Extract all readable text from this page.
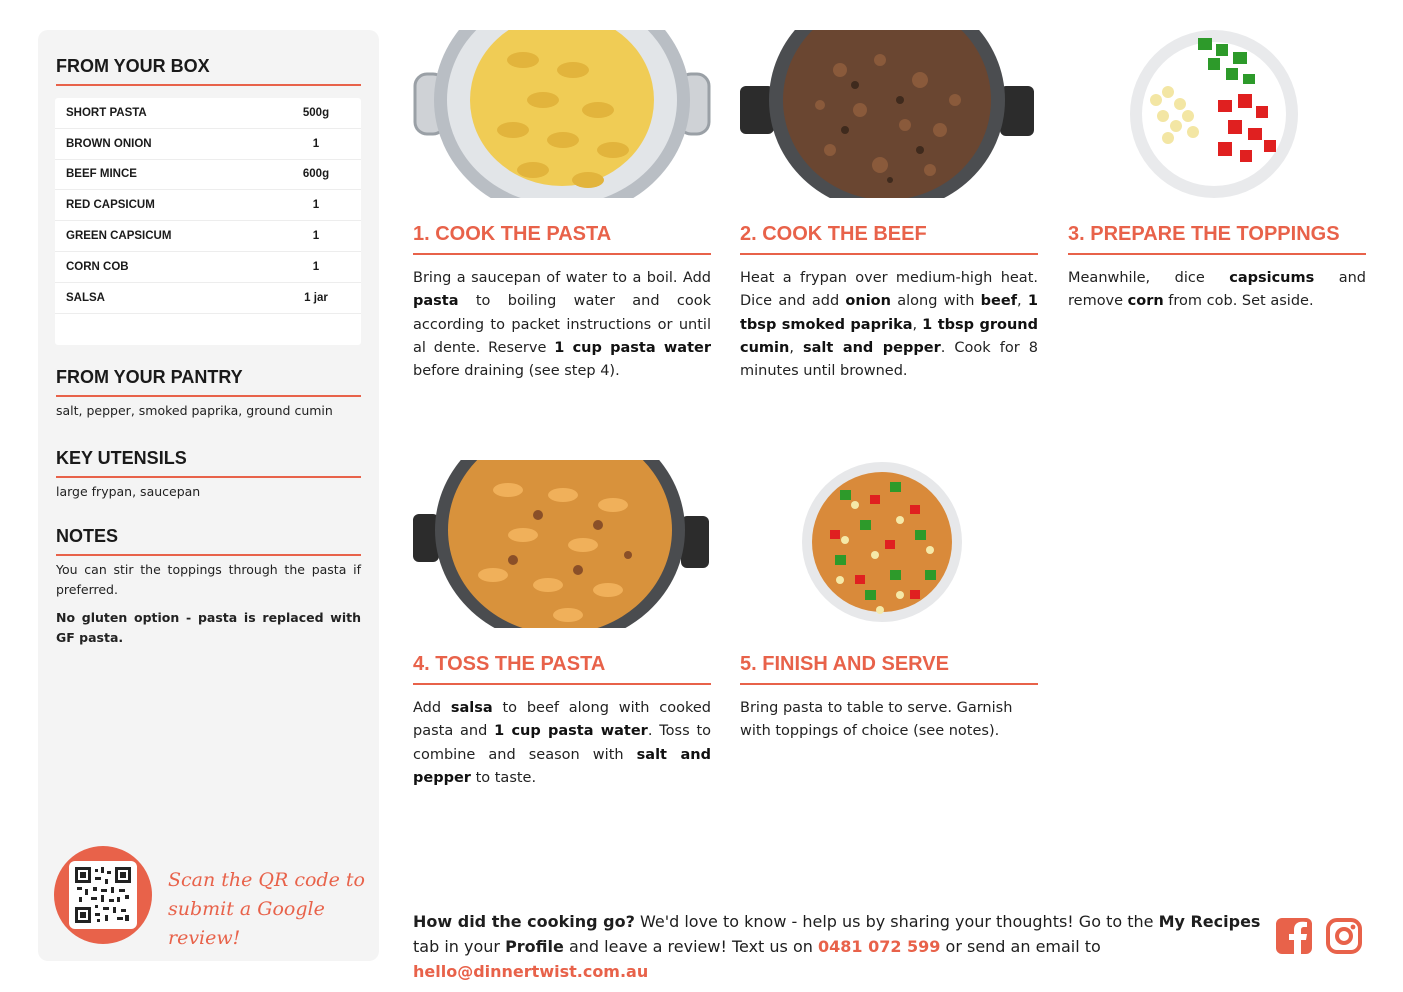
FROM YOUR BOX
SHORT PASTA	500g
BROWN ONION	1
BEEF MINCE	600g
RED CAPSICUM	1
GREEN CAPSICUM	1
CORN COB	1
SALSA	1 jar
FROM YOUR PANTRY
salt, pepper, smoked paprika, ground cumin
KEY UTENSILS
large frypan, saucepan
NOTES
You can stir the toppings through the pasta if preferred.
No gluten option - pasta is replaced with GF pasta.
Scan the QR code to
submit a Google review!
1. COOK THE PASTA
Bring a saucepan of water to a boil. Add pasta to boiling water and cook according to packet instructions or until al dente. Reserve 1 cup pasta water before draining (see step 4).
2. COOK THE BEEF
Heat a frypan over medium-high heat. Dice and add onion along with beef, 1 tbsp smoked paprika, 1 tbsp ground cumin, salt and pepper. Cook for 8 minutes until browned.
3. PREPARE THE TOPPINGS
Meanwhile, dice capsicums and remove corn from cob. Set aside.
4. TOSS THE PASTA
Add salsa to beef along with cooked pasta and 1 cup pasta water. Toss to combine and season with salt and pepper to taste.
5. FINISH AND SERVE
Bring pasta to table to serve. Garnish with toppings of choice (see notes).
How did the cooking go? We'd love to know - help us by sharing your thoughts! Go to the My Recipes tab in your Profile and leave a review! Text us on 0481 072 599 or send an email to hello@dinnertwist.com.au
